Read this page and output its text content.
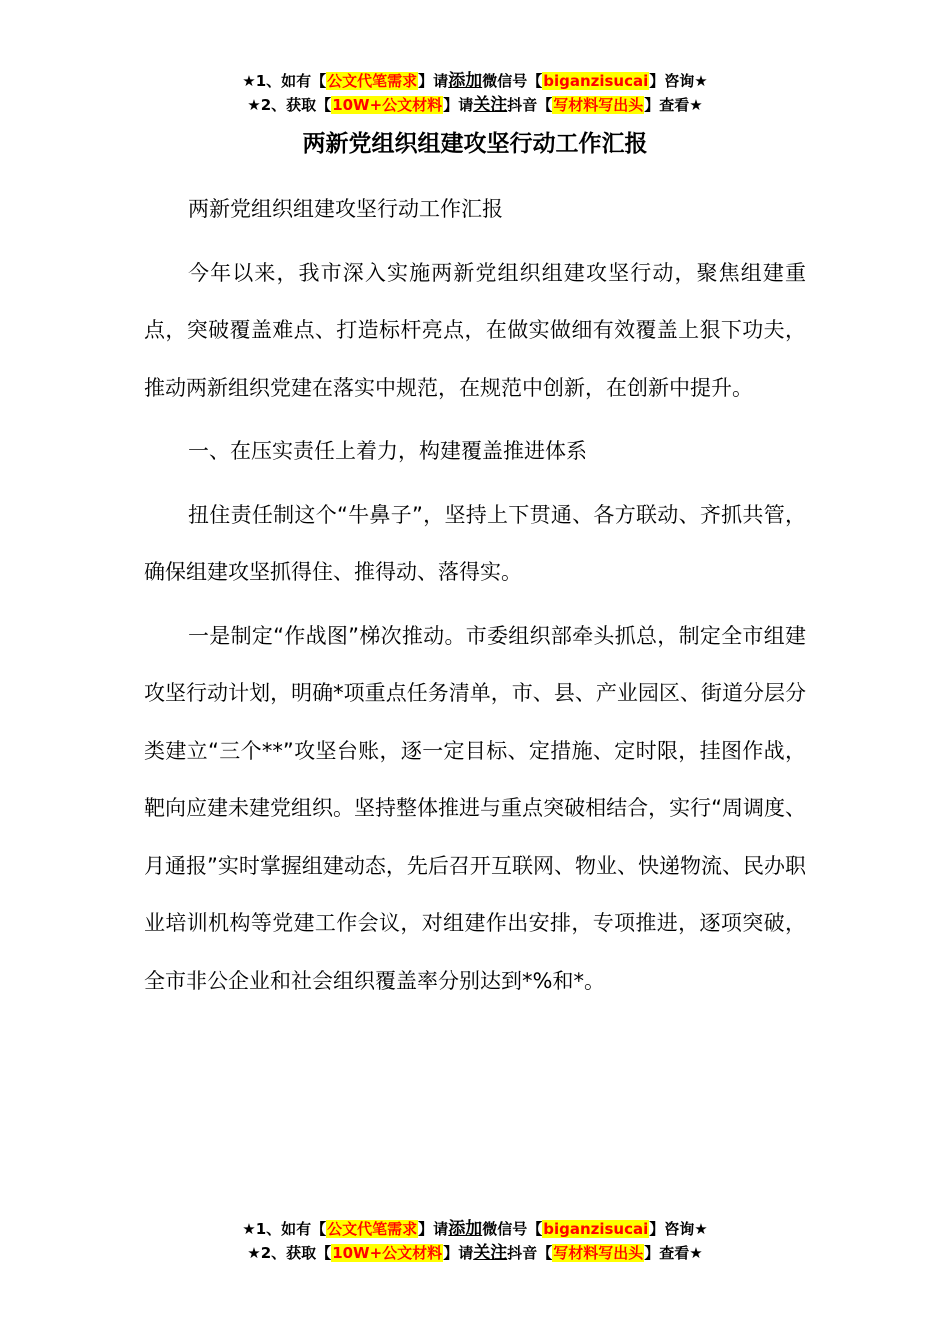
★1、如有【公文代笔需求】请添加微信号【biganzisucai】咨询★
★2、获取【10W+公文材料】请关注抖音【写材料写出头】查看★
两新党组织组建攻坚行动工作汇报

两新党组织组建攻坚行动工作汇报

今年以来，我市深入实施两新党组织组建攻坚行动，聚焦组建重点，突破覆盖难点、打造标杆亮点，在做实做细有效覆盖上狠下功夫，推动两新组织党建在落实中规范，在规范中创新，在创新中提升。

一、在压实责任上着力，构建覆盖推进体系

扭住责任制这个“牛鼻子”，坚持上下贯通、各方联动、齐抓共管，确保组建攻坚抓得住、推得动、落得实。

一是制定“作战图”梯次推动。市委组织部牵头抓总，制定全市组建攻坚行动计划，明确*项重点任务清单，市、县、产业园区、街道分层分类建立“三个**”攻坚台账，逐一定目标、定措施、定时限，挂图作战，靶向应建未建党组织。坚持整体推进与重点突破相结合，实行“周调度、月通报”实时掌握组建动态，先后召开互联网、物业、快递物流、民办职业培训机构等党建工作会议，对组建作出安排，专项推进，逐项突破，全市非公企业和社会组织覆盖率分别达到*%和*。

★1、如有【公文代笔需求】请添加微信号【biganzisucai】咨询★
★2、获取【10W+公文材料】请关注抖音【写材料写出头】查看★
